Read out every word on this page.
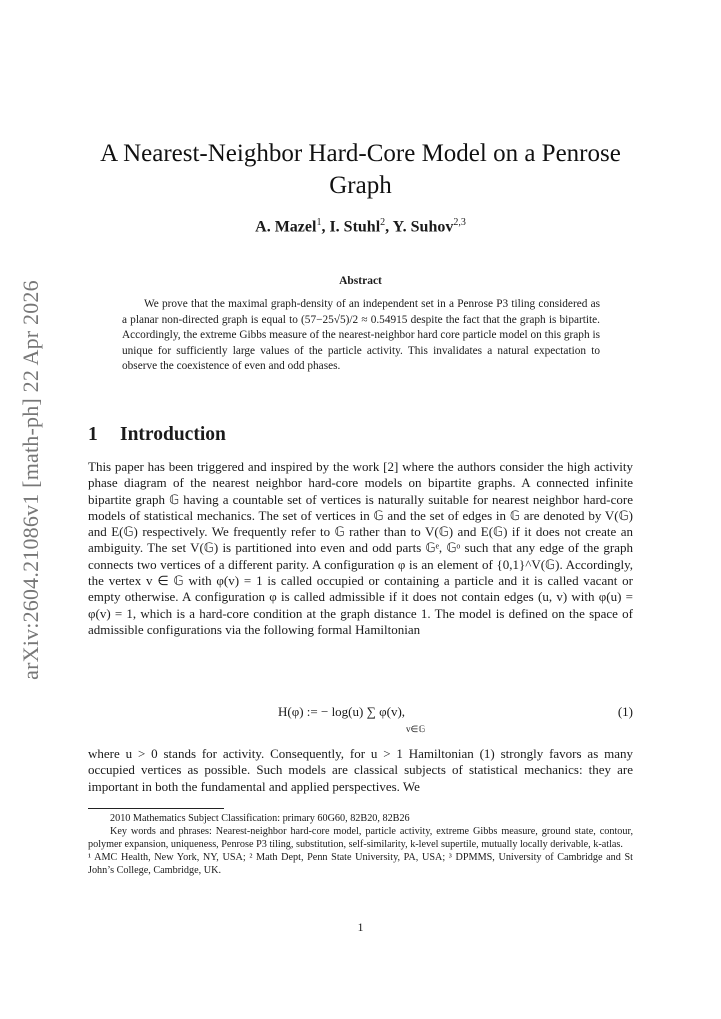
arXiv:2604.21086v1 [math-ph] 22 Apr 2026
A Nearest-Neighbor Hard-Core Model on a Penrose Graph
A. Mazel$^1$, I. Stuhl$^2$, Y. Suhov$^{2,3}$
Abstract

We prove that the maximal graph-density of an independent set in a Penrose P3 tiling considered as a planar non-directed graph is equal to (57−25√5)/2 ≈ 0.54915 despite the fact that the graph is bipartite. Accordingly, the extreme Gibbs measure of the nearest-neighbor hard core particle model on this graph is unique for sufficiently large values of the particle activity. This invalidates a natural expectation to observe the coexistence of even and odd phases.

1 Introduction

This paper has been triggered and inspired by the work [2] where the authors consider the high activity phase diagram of the nearest neighbor hard-core models on bipartite graphs. A connected infinite bipartite graph 𝔾 having a countable set of vertices is naturally suitable for nearest neighbor hard-core models of statistical mechanics. The set of vertices in 𝔾 and the set of edges in 𝔾 are denoted by V(𝔾) and E(𝔾) respectively. We frequently refer to 𝔾 rather than to V(𝔾) and E(𝔾) if it does not create an ambiguity. The set V(𝔾) is partitioned into even and odd parts 𝔾ᵉ, 𝔾ᵒ such that any edge of the graph connects two vertices of a different parity. A configuration φ is an element of {0,1}^V(𝔾). Accordingly, the vertex v ∈ 𝔾 with φ(v) = 1 is called occupied or containing a particle and it is called vacant or empty otherwise. A configuration φ is called admissible if it does not contain edges (u, v) with φ(u) = φ(v) = 1, which is a hard-core condition at the graph distance 1. The model is defined on the space of admissible configurations via the following formal Hamiltonian

H(φ) := − log(u) ∑ φ(v),
v∈𝔾
(1)

where u > 0 stands for activity. Consequently, for u > 1 Hamiltonian (1) strongly favors as many occupied vertices as possible. Such models are classical subjects of statistical mechanics: they are important in both the fundamental and applied perspectives. We

2010 Mathematics Subject Classification: primary 60G60, 82B20, 82B26

Key words and phrases: Nearest-neighbor hard-core model, particle activity, extreme Gibbs measure, ground state, contour, polymer expansion, uniqueness, Penrose P3 tiling, substitution, self-similarity, k-level supertile, mutually locally derivable, k-atlas.

¹ AMC Health, New York, NY, USA; ² Math Dept, Penn State University, PA, USA; ³ DPMMS, University of Cambridge and St John’s College, Cambridge, UK.

1
